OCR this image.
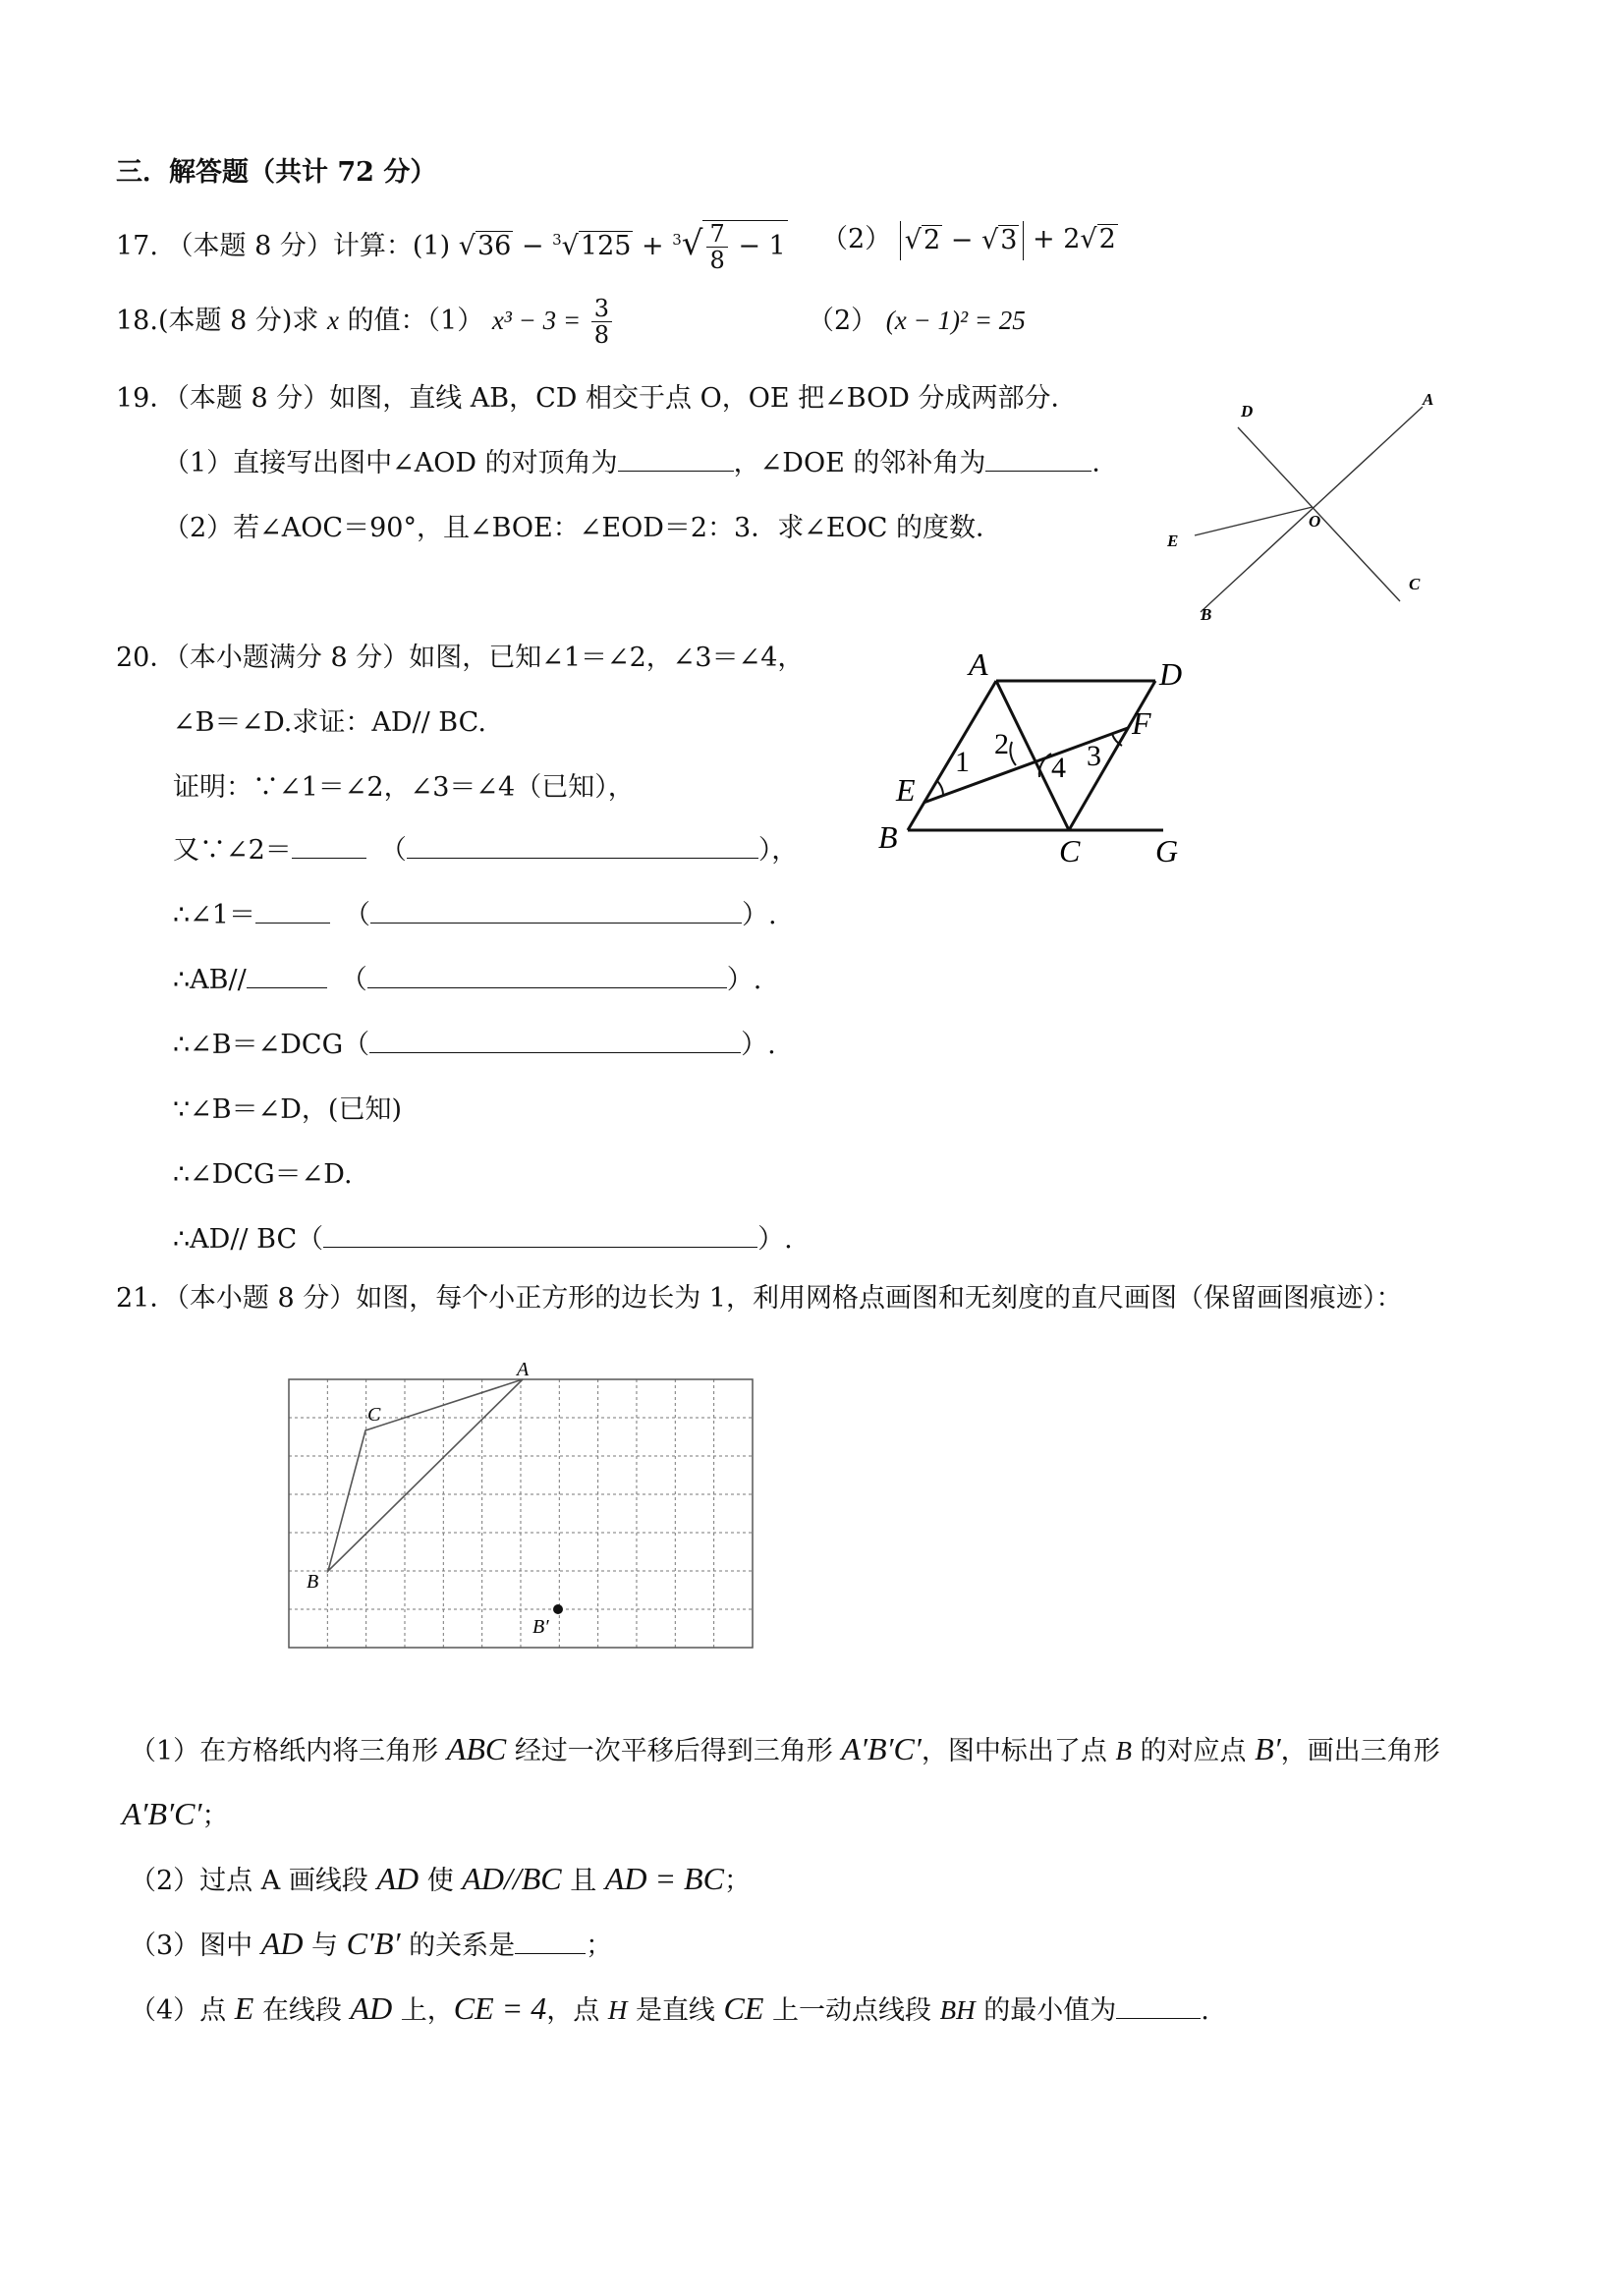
三．解答题（共计 72 分）
17. （本题 8 分）计算：(1) $√36 - ^3√125 + ^3√ \frac{7}{8} - 1$ （2） √2 − √3 + 2√2
18.(本题 8 分)求 x 的值：（1） $x^3 - 3 = \frac{3}{8}$	（2） (x − 1)² = 25
19．（本题 8 分）如图，直线 AB，CD 相交于点 O，OE 把∠BOD 分成两部分．
（1）直接写出图中∠AOD 的对顶角为	，∠DOE 的邻补角为	．
（2）若∠AOC＝90°，且∠BOE：∠EOD＝2：3．求∠EOC 的度数．
A
D
E
O
C
B
20．（本小题满分 8 分）如图，已知∠1＝∠2，∠3＝∠4，
∠B＝∠D.求证：AD// BC.
证明：∵∠1＝∠2，∠3＝∠4（已知），
又∵∠2＝	（	），
∴∠1＝	（	）.
∴AB//	（	）.
∴∠B＝∠DCG（	）.
∵∠B＝∠D，(已知)
∴∠DCG＝∠D.
∴AD// BC（	）.
A	D
F
E
B	C G
1
2
4 3
21．（本小题 8 分）如图，每个小正方形的边长为 1，利用网格点画图和无刻度的直尺画图（保留画图痕迹）：
A
C
B
B′
（1）在方格纸内将三角形 ABC 经过一次平移后得到三角形 A′B′C′，图中标出了点 B 的对应点 B′，画出三角形
A′B′C′；
（2）过点 A 画线段 AD 使 AD//BC 且 AD = BC；
（3）图中 AD 与 C′B′ 的关系是	；
（4）点 E 在线段 AD 上，CE = 4，点 H 是直线 CE 上一动点线段 BH 的最小值为	.
